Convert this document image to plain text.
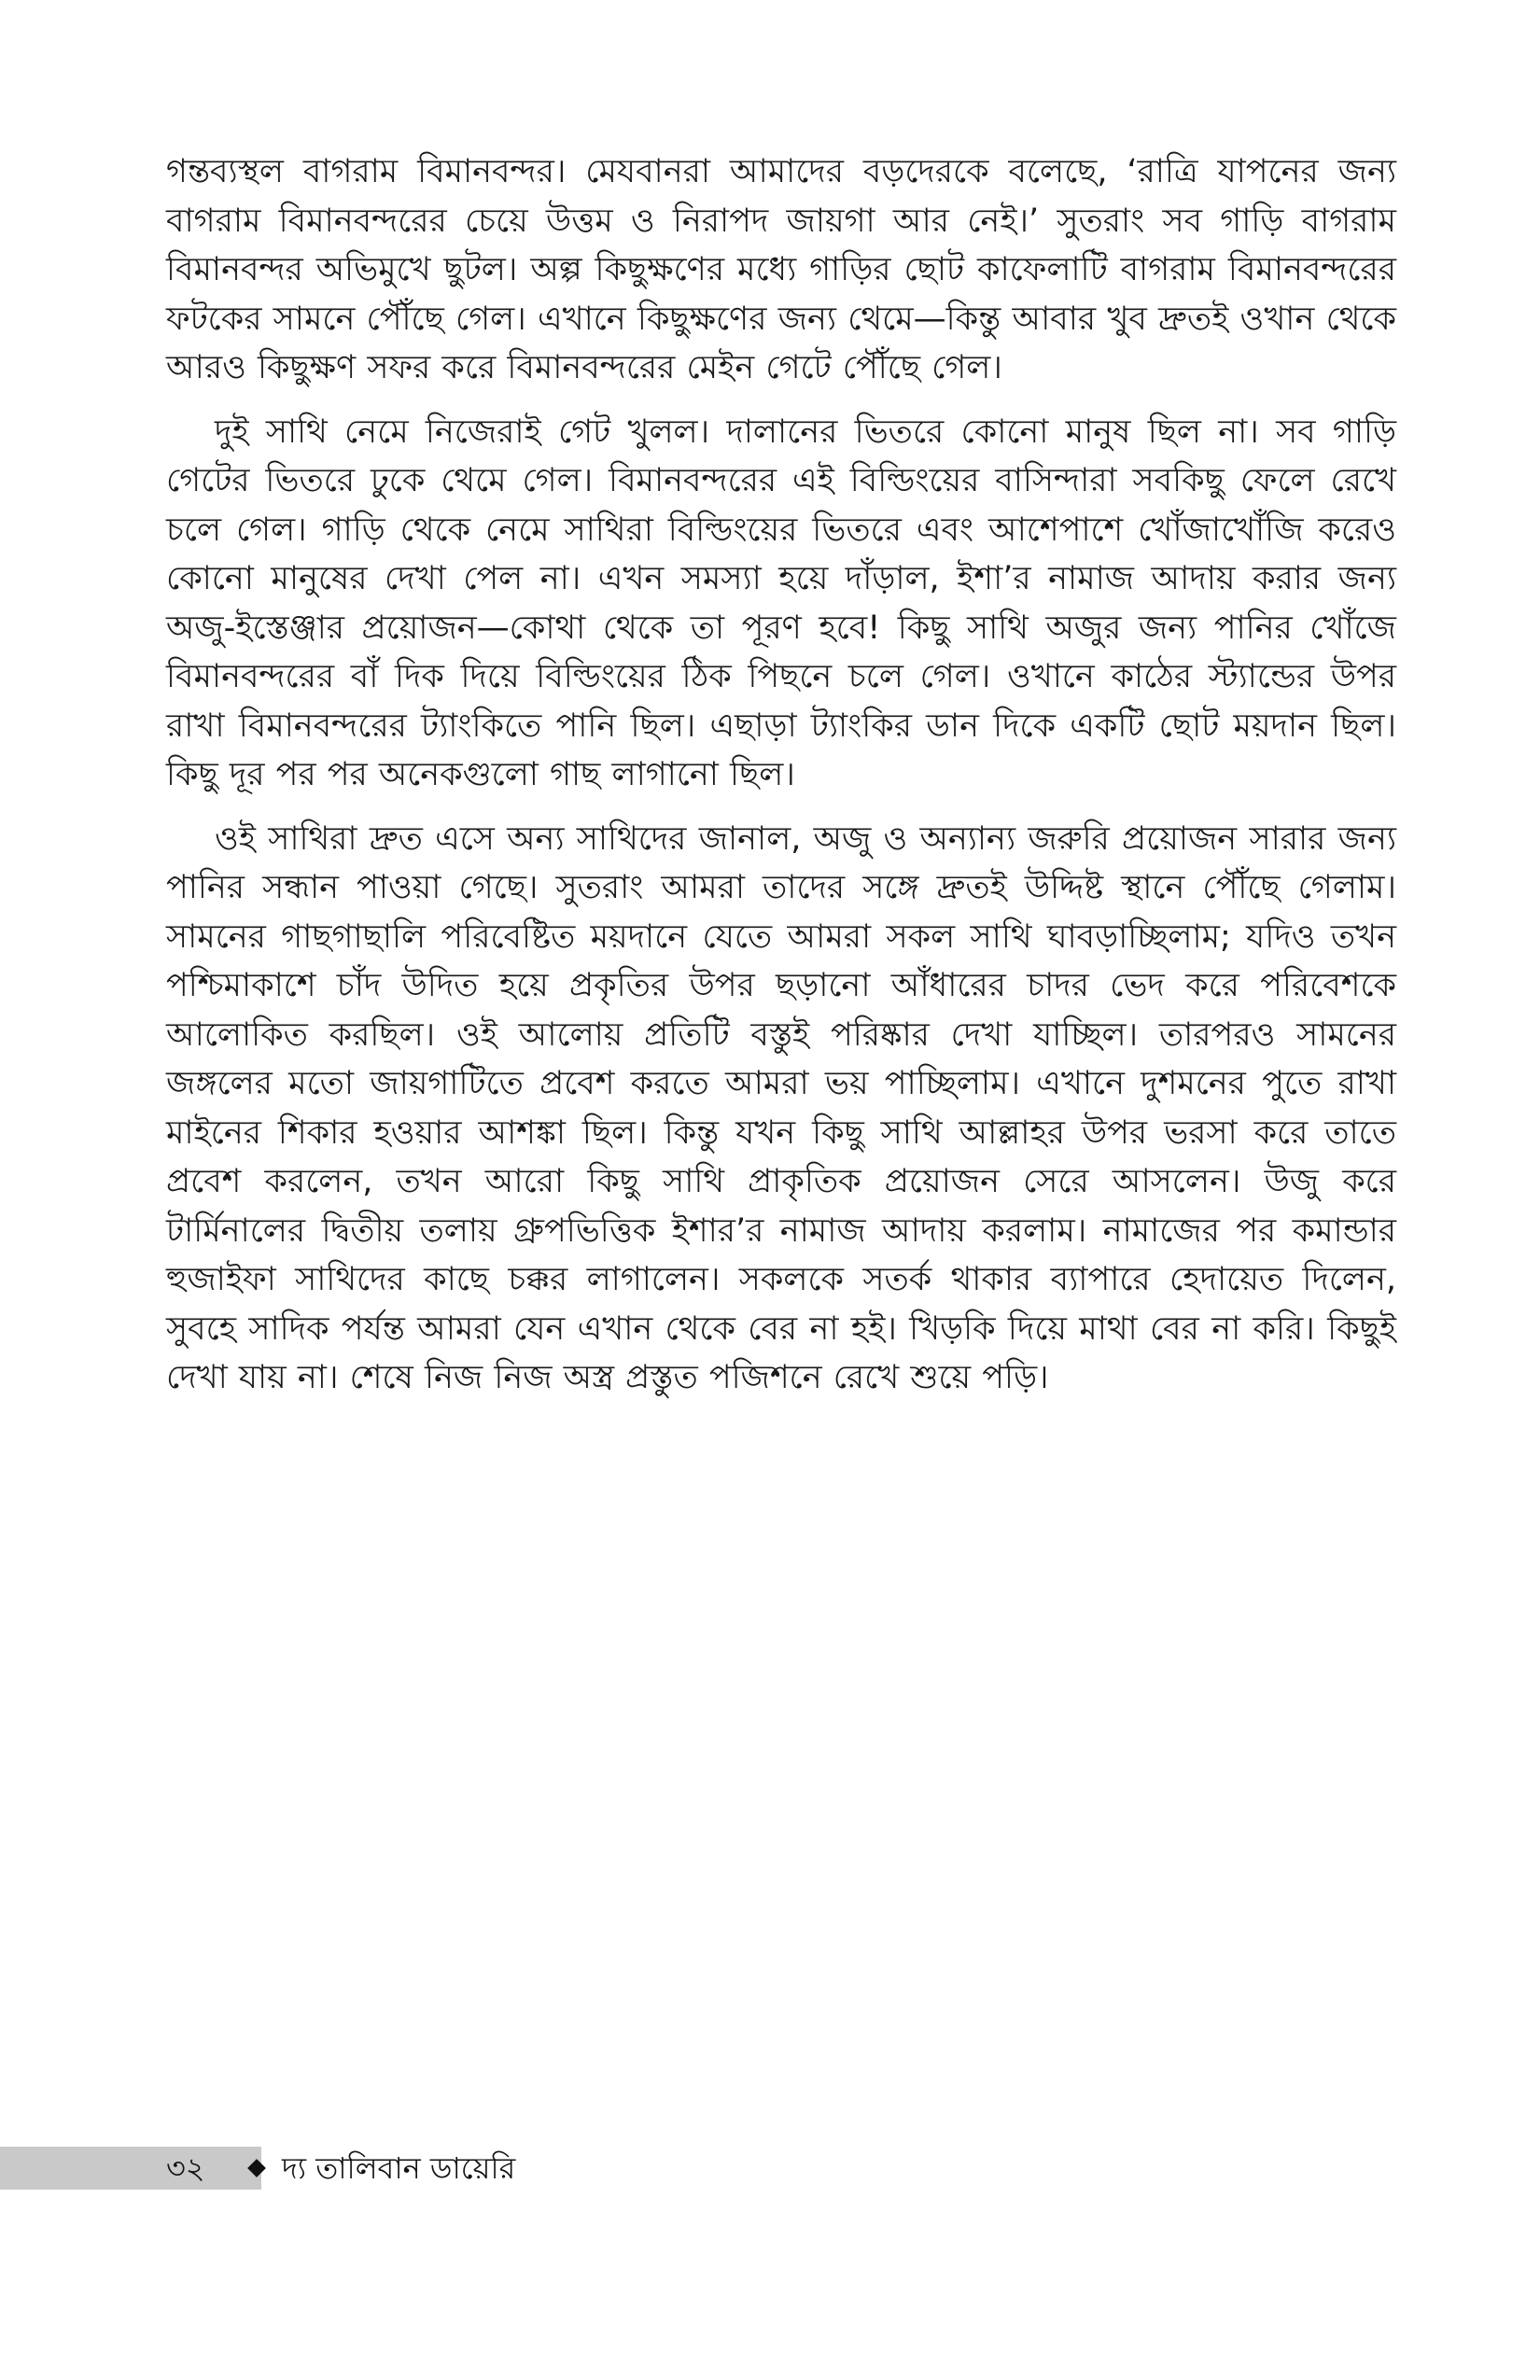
গন্তব্যস্থল বাগরাম বিমানবন্দর। মেযবানরা আমাদের বড়দেরকে বলেছে, ‘রাত্রি যাপনের জন্য বাগরাম বিমানবন্দরের চেয়ে উত্তম ও নিরাপদ জায়গা আর নেই।’ সুতরাং সব গাড়ি বাগরাম বিমানবন্দর অভিমুখে ছুটল। অল্প কিছুক্ষণের মধ্যে গাড়ির ছোট কাফেলাটি বাগরাম বিমানবন্দরের ফটকের সামনে পৌঁছে গেল। এখানে কিছুক্ষণের জন্য থেমে—কিন্তু আবার খুব দ্রুতই ওখান থেকে আরও কিছুক্ষণ সফর করে বিমানবন্দরের মেইন গেটে পৌঁছে গেল।

দুই সাথি নেমে নিজেরাই গেট খুলল। দালানের ভিতরে কোনো মানুষ ছিল না। সব গাড়ি গেটের ভিতরে ঢুকে থেমে গেল। বিমানবন্দরের এই বিল্ডিংয়ের বাসিন্দারা সবকিছু ফেলে রেখে চলে গেল। গাড়ি থেকে নেমে সাথিরা বিল্ডিংয়ের ভিতরে এবং আশেপাশে খোঁজাখোঁজি করেও কোনো মানুষের দেখা পেল না। এখন সমস্যা হয়ে দাঁড়াল, ইশা’র নামাজ আদায় করার জন্য অজু-ইস্তেঞ্জার প্রয়োজন—কোথা থেকে তা পূরণ হবে! কিছু সাথি অজুর জন্য পানির খোঁজে বিমানবন্দরের বাঁ দিক দিয়ে বিল্ডিংয়ের ঠিক পিছনে চলে গেল। ওখানে কাঠের স্ট্যান্ডের উপর রাখা বিমানবন্দরের ট্যাংকিতে পানি ছিল। এছাড়া ট্যাংকির ডান দিকে একটি ছোট ময়দান ছিল। কিছু দূর পর পর অনেকগুলো গাছ লাগানো ছিল।

ওই সাথিরা দ্রুত এসে অন্য সাথিদের জানাল, অজু ও অন্যান্য জরুরি প্রয়োজন সারার জন্য পানির সন্ধান পাওয়া গেছে। সুতরাং আমরা তাদের সঙ্গে দ্রুতই উদ্দিষ্ট স্থানে পৌঁছে গেলাম। সামনের গাছগাছালি পরিবেষ্টিত ময়দানে যেতে আমরা সকল সাথি ঘাবড়াচ্ছিলাম; যদিও তখন পশ্চিমাকাশে চাঁদ উদিত হয়ে প্রকৃতির উপর ছড়ানো আঁধারের চাদর ভেদ করে পরিবেশকে আলোকিত করছিল। ওই আলোয় প্রতিটি বস্তুই পরিষ্কার দেখা যাচ্ছিল। তারপরও সামনের জঙ্গলের মতো জায়গাটিতে প্রবেশ করতে আমরা ভয় পাচ্ছিলাম। এখানে দুশমনের পুতে রাখা মাইনের শিকার হওয়ার আশঙ্কা ছিল। কিন্তু যখন কিছু সাথি আল্লাহর উপর ভরসা করে তাতে প্রবেশ করলেন, তখন আরো কিছু সাথি প্রাকৃতিক প্রয়োজন সেরে আসলেন। উজু করে টার্মিনালের দ্বিতীয় তলায় গ্রুপভিত্তিক ইশার’র নামাজ আদায় করলাম। নামাজের পর কমান্ডার হুজাইফা সাথিদের কাছে চক্কর লাগালেন। সকলকে সতর্ক থাকার ব্যাপারে হেদায়েত দিলেন, সুবহে সাদিক পর্যন্ত আমরা যেন এখান থেকে বের না হই। খিড়কি দিয়ে মাথা বের না করি। কিছুই দেখা যায় না। শেষে নিজ নিজ অস্ত্র প্রস্তুত পজিশনে রেখে শুয়ে পড়ি।

৩২	দ্য তালিবান ডায়েরি
